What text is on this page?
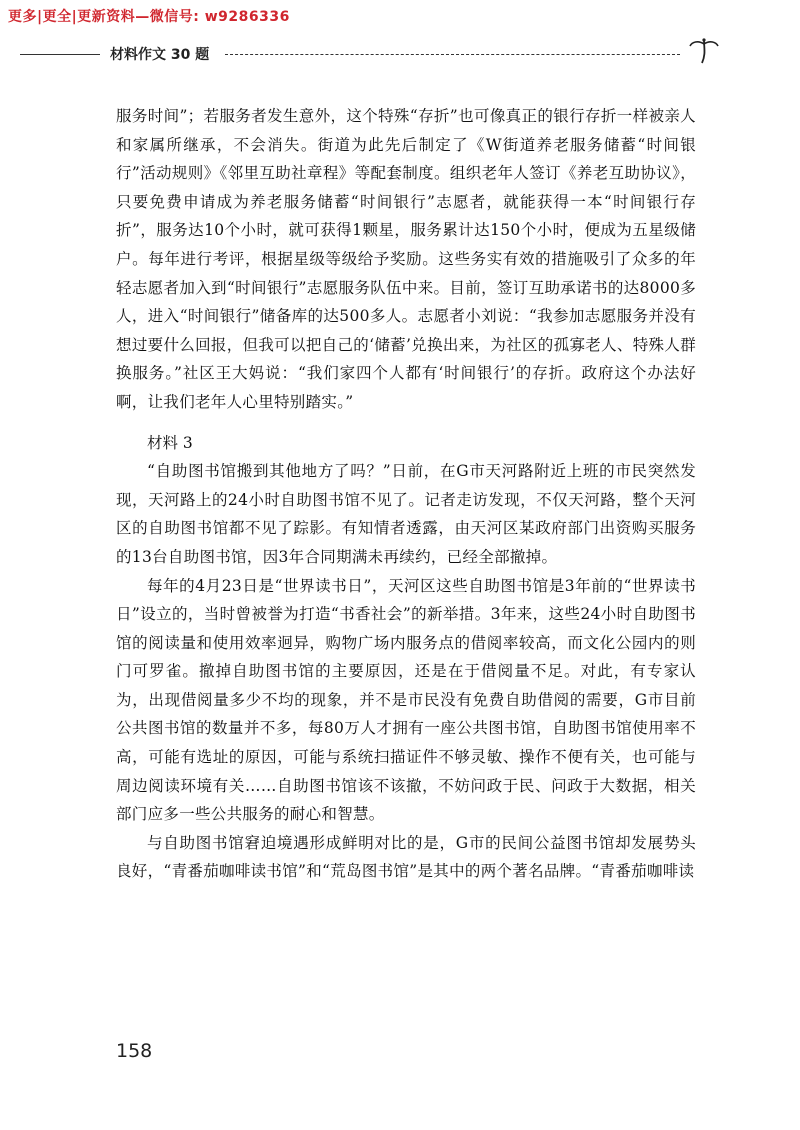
更多|更全|更新资料—微信号: w9286336
材料作文 30 题

服务时间”；若服务者发生意外，这个特殊“存折”也可像真正的银行存折一样被亲人和家属所继承，不会消失。街道为此先后制定了《W街道养老服务储蓄“时间银行”活动规则》《邻里互助社章程》等配套制度。组织老年人签订《养老互助协议》，只要免费申请成为养老服务储蓄“时间银行”志愿者，就能获得一本“时间银行存折”，服务达10个小时，就可获得1颗星，服务累计达150个小时，便成为五星级储户。每年进行考评，根据星级等级给予奖励。这些务实有效的措施吸引了众多的年轻志愿者加入到“时间银行”志愿服务队伍中来。目前，签订互助承诺书的达8000多人，进入“时间银行”储备库的达500多人。志愿者小刘说：“我参加志愿服务并没有想过要什么回报，但我可以把自己的‘储蓄’兑换出来，为社区的孤寡老人、特殊人群换服务。”社区王大妈说：“我们家四个人都有‘时间银行’的存折。政府这个办法好啊，让我们老年人心里特别踏实。”

材料 3

“自助图书馆搬到其他地方了吗？”日前，在G市天河路附近上班的市民突然发现，天河路上的24小时自助图书馆不见了。记者走访发现，不仅天河路，整个天河区的自助图书馆都不见了踪影。有知情者透露，由天河区某政府部门出资购买服务的13台自助图书馆，因3年合同期满未再续约，已经全部撤掉。

每年的4月23日是“世界读书日”，天河区这些自助图书馆是3年前的“世界读书日”设立的，当时曾被誉为打造“书香社会”的新举措。3年来，这些24小时自助图书馆的阅读量和使用效率迥异，购物广场内服务点的借阅率较高，而文化公园内的则门可罗雀。撤掉自助图书馆的主要原因，还是在于借阅量不足。对此，有专家认为，出现借阅量多少不均的现象，并不是市民没有免费自助借阅的需要，G市目前公共图书馆的数量并不多，每80万人才拥有一座公共图书馆，自助图书馆使用率不高，可能有选址的原因，可能与系统扫描证件不够灵敏、操作不便有关，也可能与周边阅读环境有关……自助图书馆该不该撤，不妨问政于民、问政于大数据，相关部门应多一些公共服务的耐心和智慧。

与自助图书馆窘迫境遇形成鲜明对比的是，G市的民间公益图书馆却发展势头良好，“青番茄咖啡读书馆”和“荒岛图书馆”是其中的两个著名品牌。“青番茄咖啡读

158
